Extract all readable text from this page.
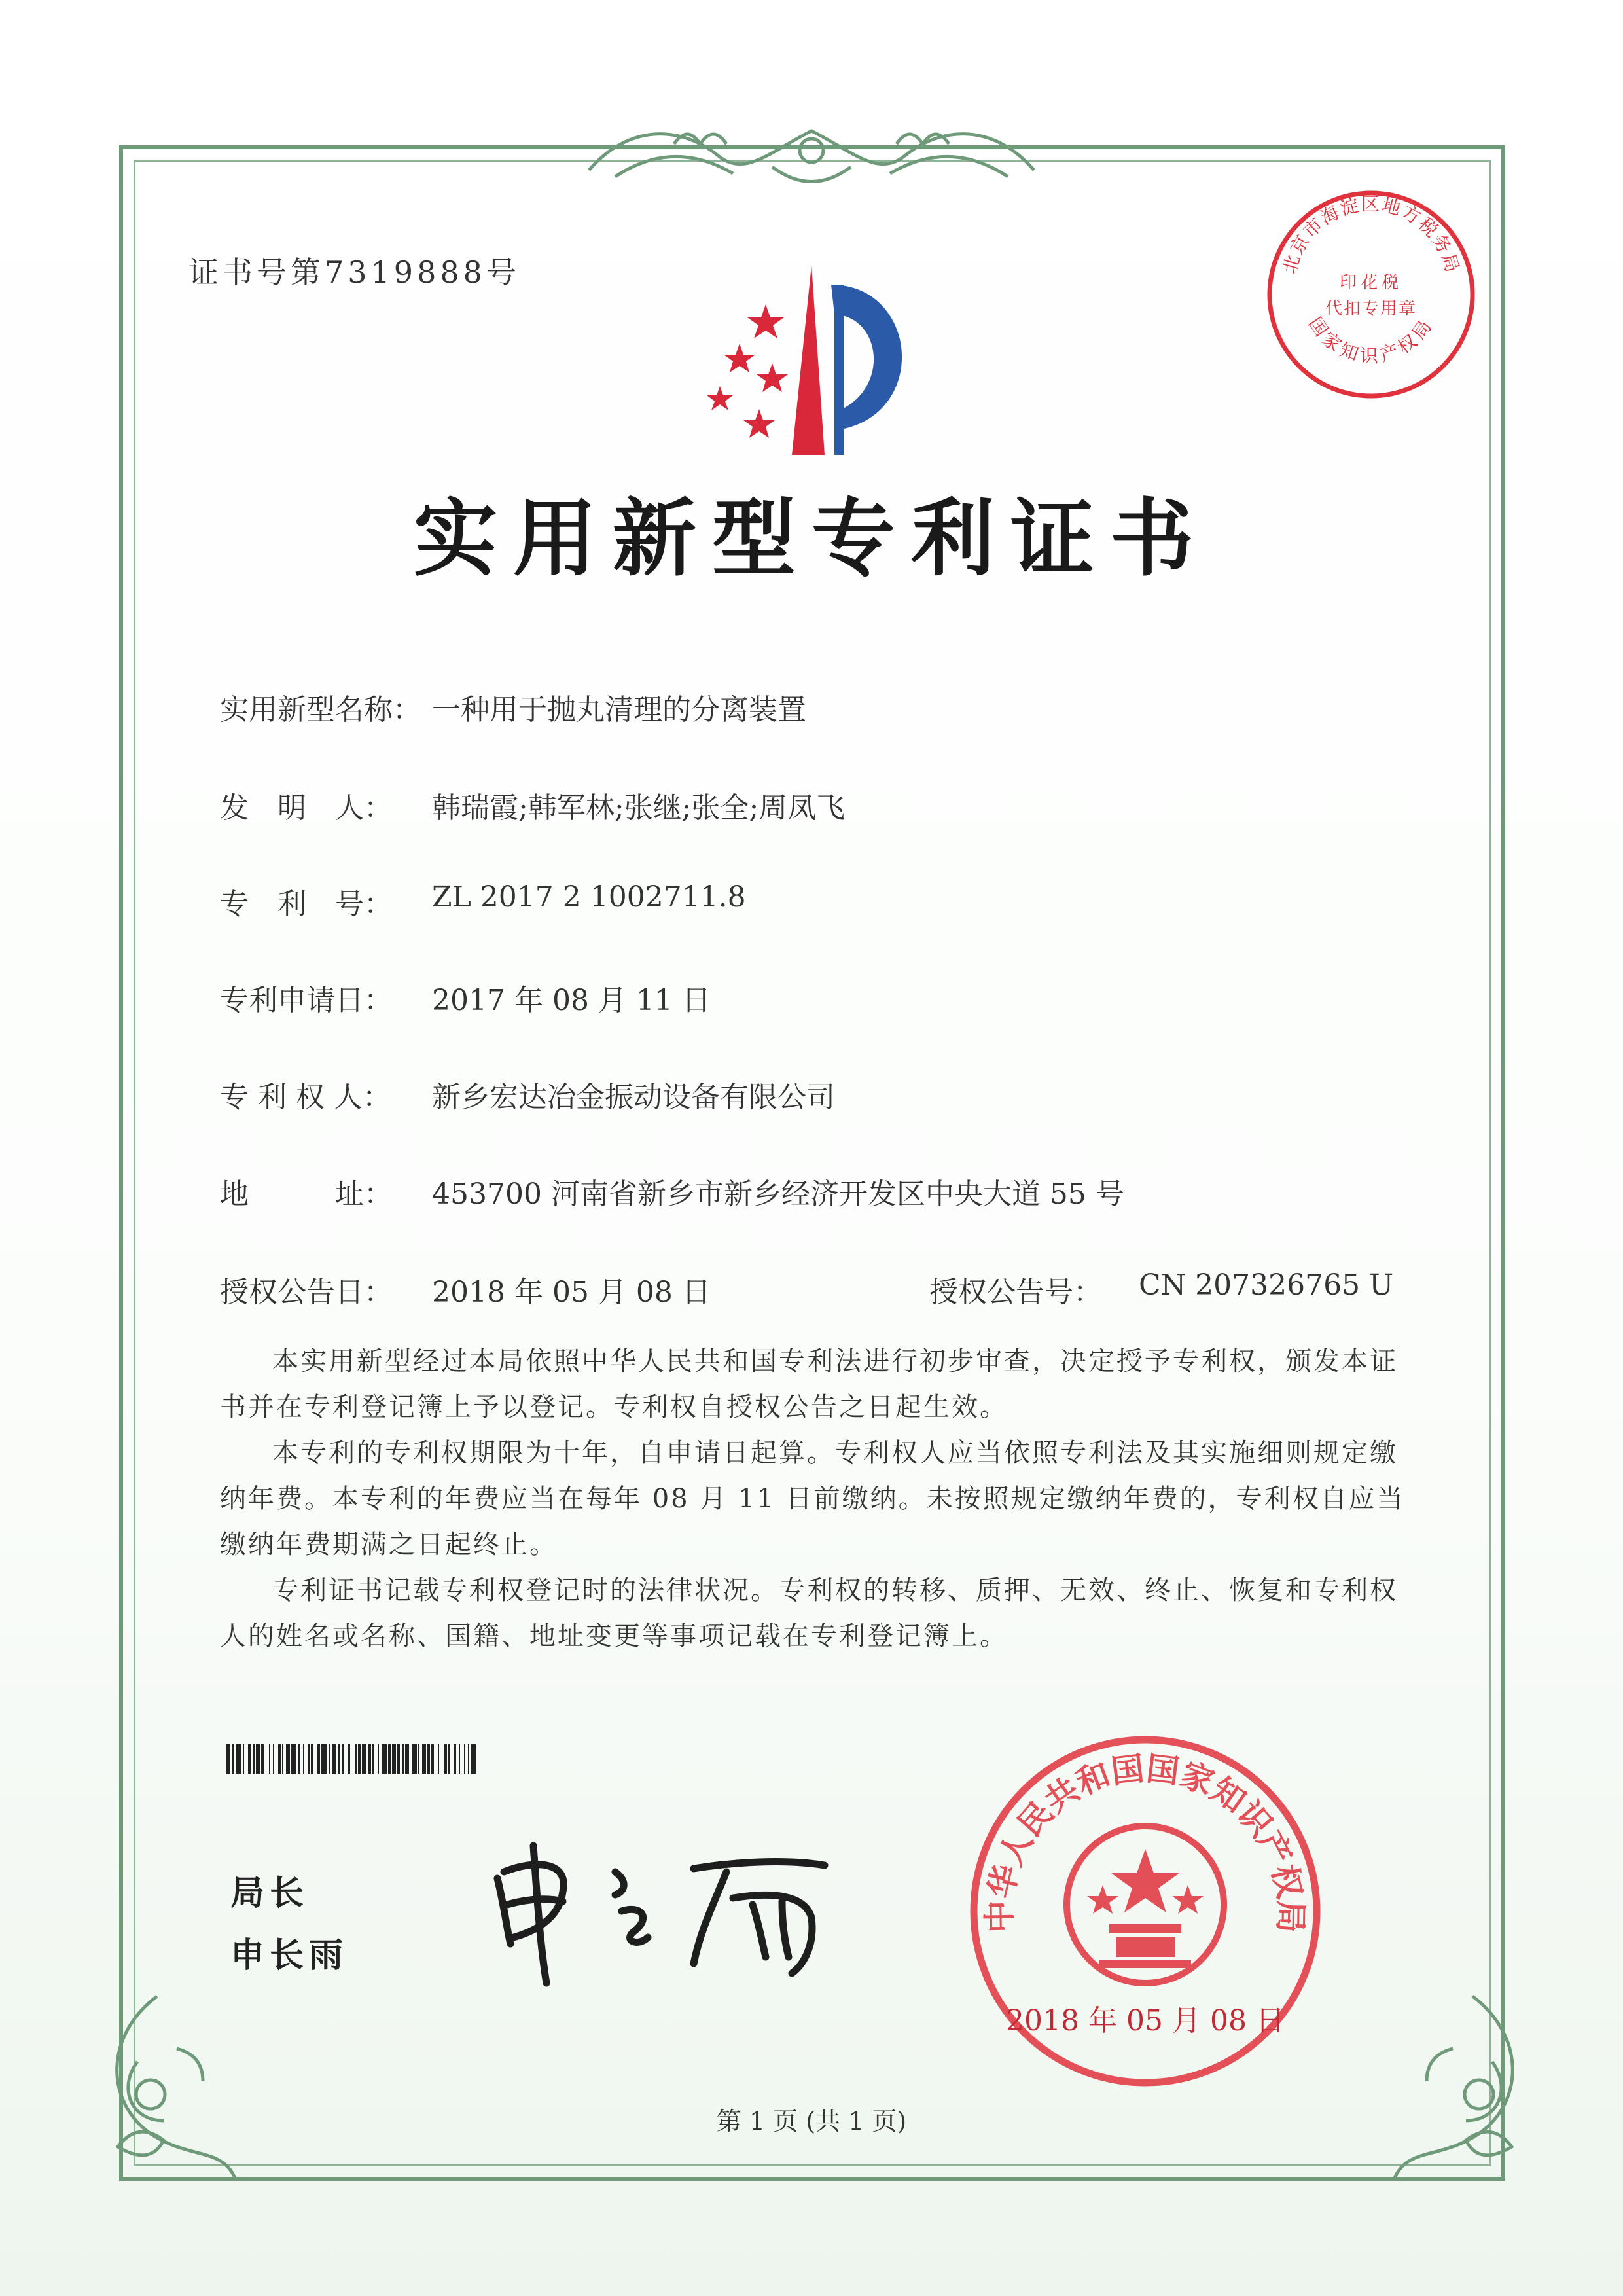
证书号第7319888号	北京市海淀区地方税务局
国家知识产权局
印花税
代扣专用章
实用新型专利证书
实用新型名称： 一种用于抛丸清理的分离装置
发　明　人： 韩瑞霞;韩军林;张继;张全;周凤飞
专　利　号： ZL 2017 2 1002711.8
专利申请日： 2017 年 08 月 11 日
专 利 权 人： 新乡宏达冶金振动设备有限公司
地　　　址： 453700 河南省新乡市新乡经济开发区中央大道 55 号
授权公告日： 2018 年 05 月 08 日	授权公告号： CN 207326765 U
本实用新型经过本局依照中华人民共和国专利法进行初步审查，决定授予专利权，颁发本证书并在专利登记簿上予以登记。专利权自授权公告之日起生效。
本专利的专利权期限为十年，自申请日起算。专利权人应当依照专利法及其实施细则规定缴纳年费。本专利的年费应当在每年 08 月 11 日前缴纳。未按照规定缴纳年费的，专利权自应当缴纳年费期满之日起终止。
专利证书记载专利权登记时的法律状况。专利权的转移、质押、无效、终止、恢复和专利权人的姓名或名称、国籍、地址变更等事项记载在专利登记簿上。
局长
申长雨
中华人民共和国国家知识产权局
2018 年 05 月 08 日
第 1 页 (共 1 页)
